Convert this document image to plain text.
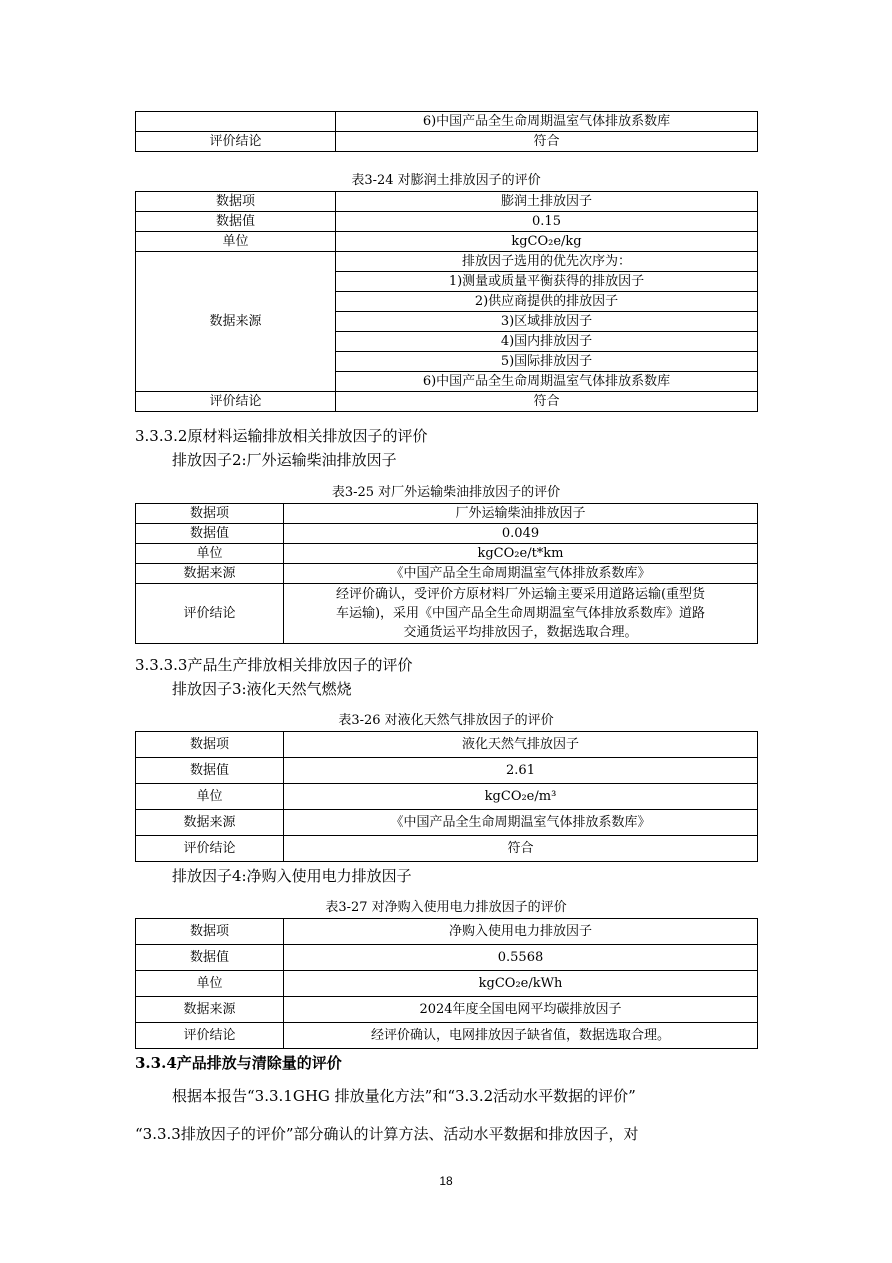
	6)中国产品全生命周期温室气体排放系数库
评价结论	符合
表3-24 对膨润土排放因子的评价
数据项	膨润土排放因子
数据值	0.15
单位	kgCO₂e/kg
数据来源	排放因子选用的优先次序为：
	1)测量或质量平衡获得的排放因子
	2)供应商提供的排放因子
	3)区域排放因子
	4)国内排放因子
	5)国际排放因子
	6)中国产品全生命周期温室气体排放系数库
评价结论	符合
3.3.3.2原材料运输排放相关排放因子的评价
排放因子2:厂外运输柴油排放因子
表3-25 对厂外运输柴油排放因子的评价
数据项	厂外运输柴油排放因子
数据值	0.049
单位	kgCO₂e/t*km
数据来源	《中国产品全生命周期温室气体排放系数库》
评价结论	经评价确认，受评价方原材料厂外运输主要采用道路运输(重型货
车运输)，采用《中国产品全生命周期温室气体排放系数库》道路
交通货运平均排放因子，数据选取合理。
3.3.3.3产品生产排放相关排放因子的评价
排放因子3:液化天然气燃烧
表3-26 对液化天然气排放因子的评价
数据项	液化天然气排放因子
数据值	2.61
单位	kgCO₂e/m³
数据来源	《中国产品全生命周期温室气体排放系数库》
评价结论	符合
排放因子4:净购入使用电力排放因子
表3-27 对净购入使用电力排放因子的评价
数据项	净购入使用电力排放因子
数据值	0.5568
单位	kgCO₂e/kWh
数据来源	2024年度全国电网平均碳排放因子
评价结论	经评价确认，电网排放因子缺省值，数据选取合理。
3.3.4产品排放与清除量的评价
根据本报告“3.3.1GHG 排放量化方法”和“3.3.2活动水平数据的评价”
“3.3.3排放因子的评价”部分确认的计算方法、活动水平数据和排放因子，对
18
